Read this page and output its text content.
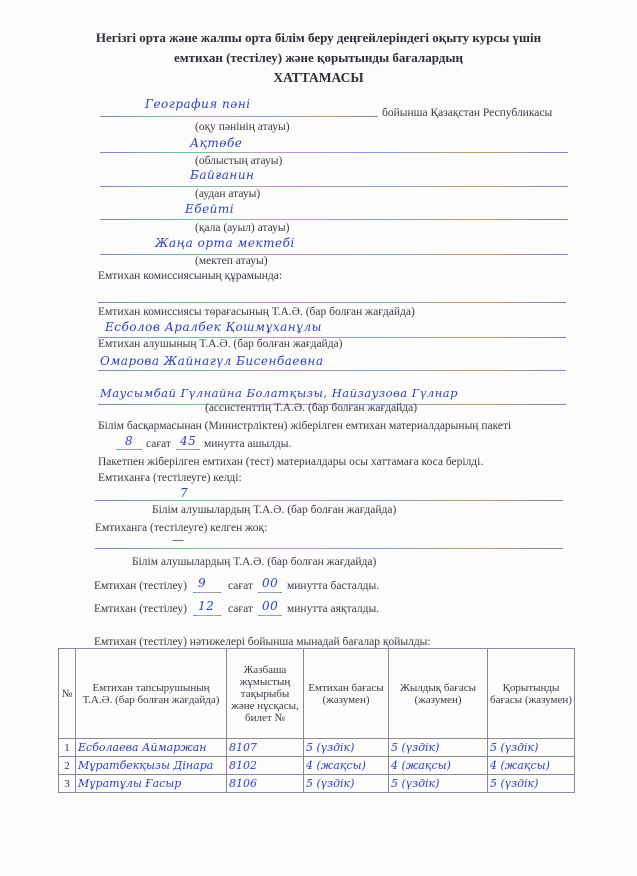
Негізгі орта және жалпы орта білім беру деңгейлеріндегі оқыту курсы үшін
емтихан (тестілеу) және қорытынды бағалардың
ХАТТАМАСЫ
География пәні
бойынша Қазақстан Республикасы
(оқу пәнінің атауы)
Ақтөбе
(облыстың атауы)
Байғанин
(аудан атауы)
Ебейті
(қала (ауыл) атауы)
Жаңа орта мектебі
(мектеп атауы)
Емтихан комиссиясының құрамында:
Емтихан комиссиясы төрағасының Т.А.Ә. (бар болған жағдайда)
Есболов Аралбек Қошмұханұлы
Емтихан алушының Т.А.Ә. (бар болған жағдайда)
Омарова Жайнагүл Бисенбаевна
Маусымбай Гүлнайна Болатқызы, Найзаузова Гүлнар
(ассистенттің Т.А.Ә. (бар болған жағдайда)
Білім басқармасынан (Министрліктен) жіберілген емтихан материалдарының пакеті
8 сағат 45 минутта ашылды.
Пакетпен жіберілген емтихан (тест) материалдары осы хаттамаға коса берілді.
Емтиханға (тестілеуге) келді:
7
Білім алушылардың Т.А.Ә. (бар болған жағдайда)
Емтиханга (тестілеуге) келген жоқ:
—
Білім алушылардың Т.А.Ә. (бар болған жағдайда)
Емтихан (тестілеу) 9 сағат 00 минутта басталды.
Емтихан (тестілеу) 12 сағат 00 минутта аяқталды.
Емтихан (тестілеу) нәтижелері бойынша мынадай бағалар қойылды:
№	Емтихан тапсырушының Т.А.Ә. (бар болған жағдайда)	Жазбаша жұмыстың тақырыбы және нұсқасы, билет №	Емтихан бағасы (жазумен)	Жылдық бағасы (жазумен)	Қорытынды бағасы (жазумен)
1	Есболаева Аймаржан	8107	5 (үздік)	5 (үздік)	5 (үздік)
2	Мұратбекқызы Дінара	8102	4 (жақсы)	4 (жақсы)	4 (жақсы)
3	Мұратұлы Ғасыр	8106	5 (үздік)	5 (үздік)	5 (үздік)
